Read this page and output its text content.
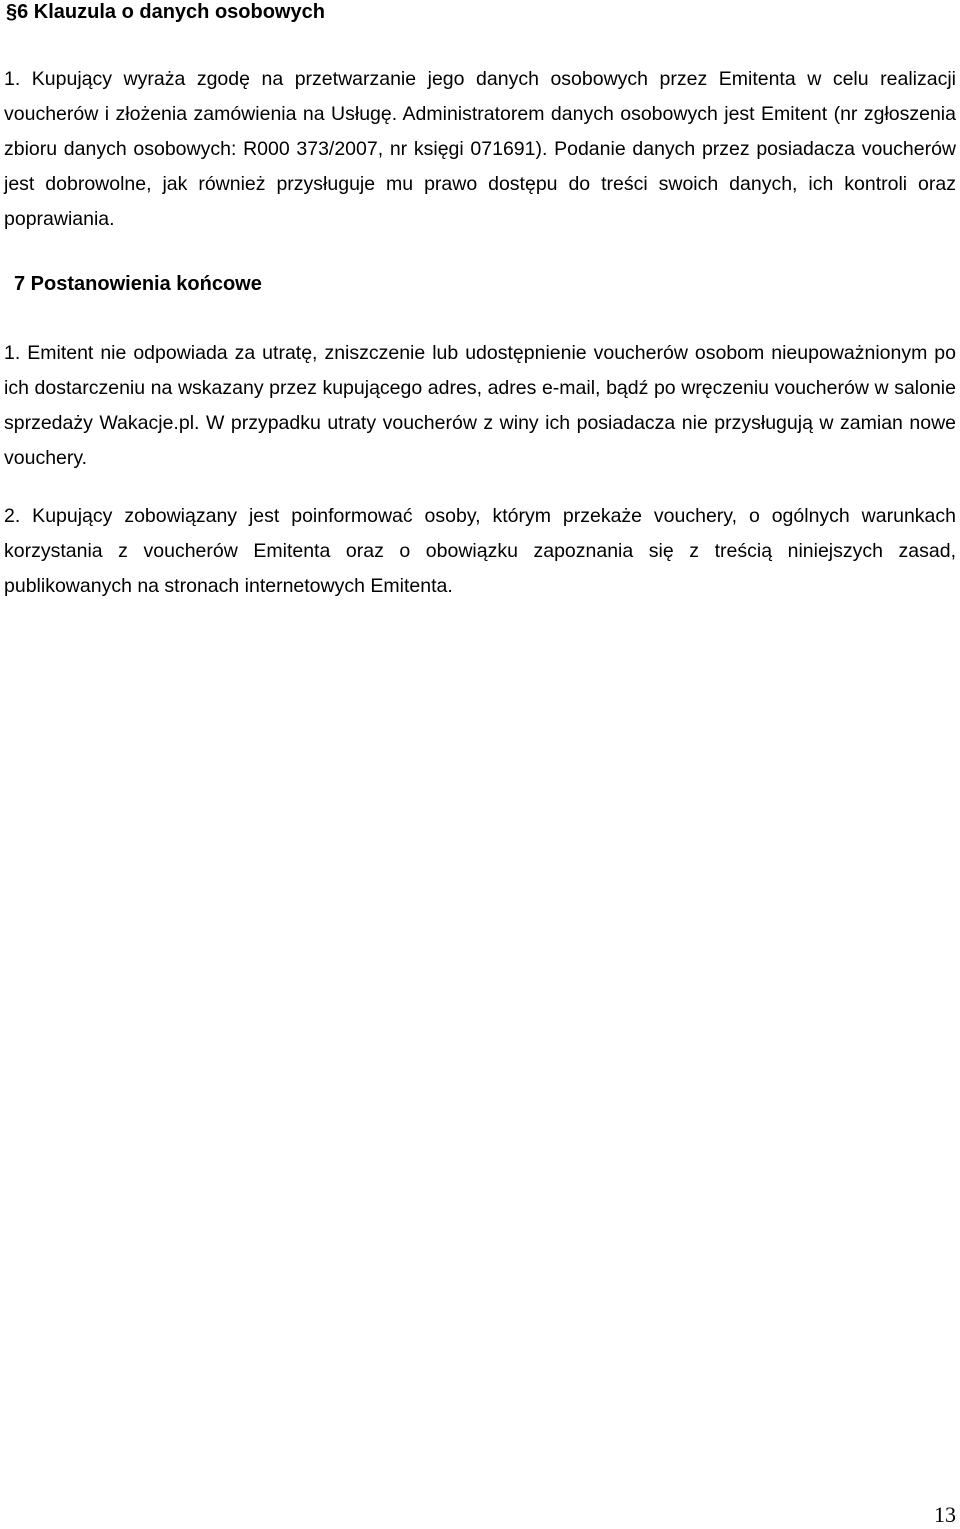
§6 Klauzula o danych osobowych

1. Kupujący wyraża zgodę na przetwarzanie jego danych osobowych przez Emitenta w celu realizacji voucherów i złożenia zamówienia na Usługę. Administratorem danych osobowych jest Emitent (nr zgłoszenia zbioru danych osobowych: R000 373/2007, nr księgi 071691). Podanie danych przez posiadacza voucherów jest dobrowolne, jak również przysługuje mu prawo dostępu do treści swoich danych, ich kontroli oraz poprawiania.

7 Postanowienia końcowe

1. Emitent nie odpowiada za utratę, zniszczenie lub udostępnienie voucherów osobom nieupoważnionym po ich dostarczeniu na wskazany przez kupującego adres, adres e-mail, bądź po wręczeniu voucherów w salonie sprzedaży Wakacje.pl. W przypadku utraty voucherów z winy ich posiadacza nie przysługują w zamian nowe vouchery.

2. Kupujący zobowiązany jest poinformować osoby, którym przekaże vouchery, o ogólnych warunkach korzystania z voucherów Emitenta oraz o obowiązku zapoznania się z treścią niniejszych zasad, publikowanych na stronach internetowych Emitenta.

13
